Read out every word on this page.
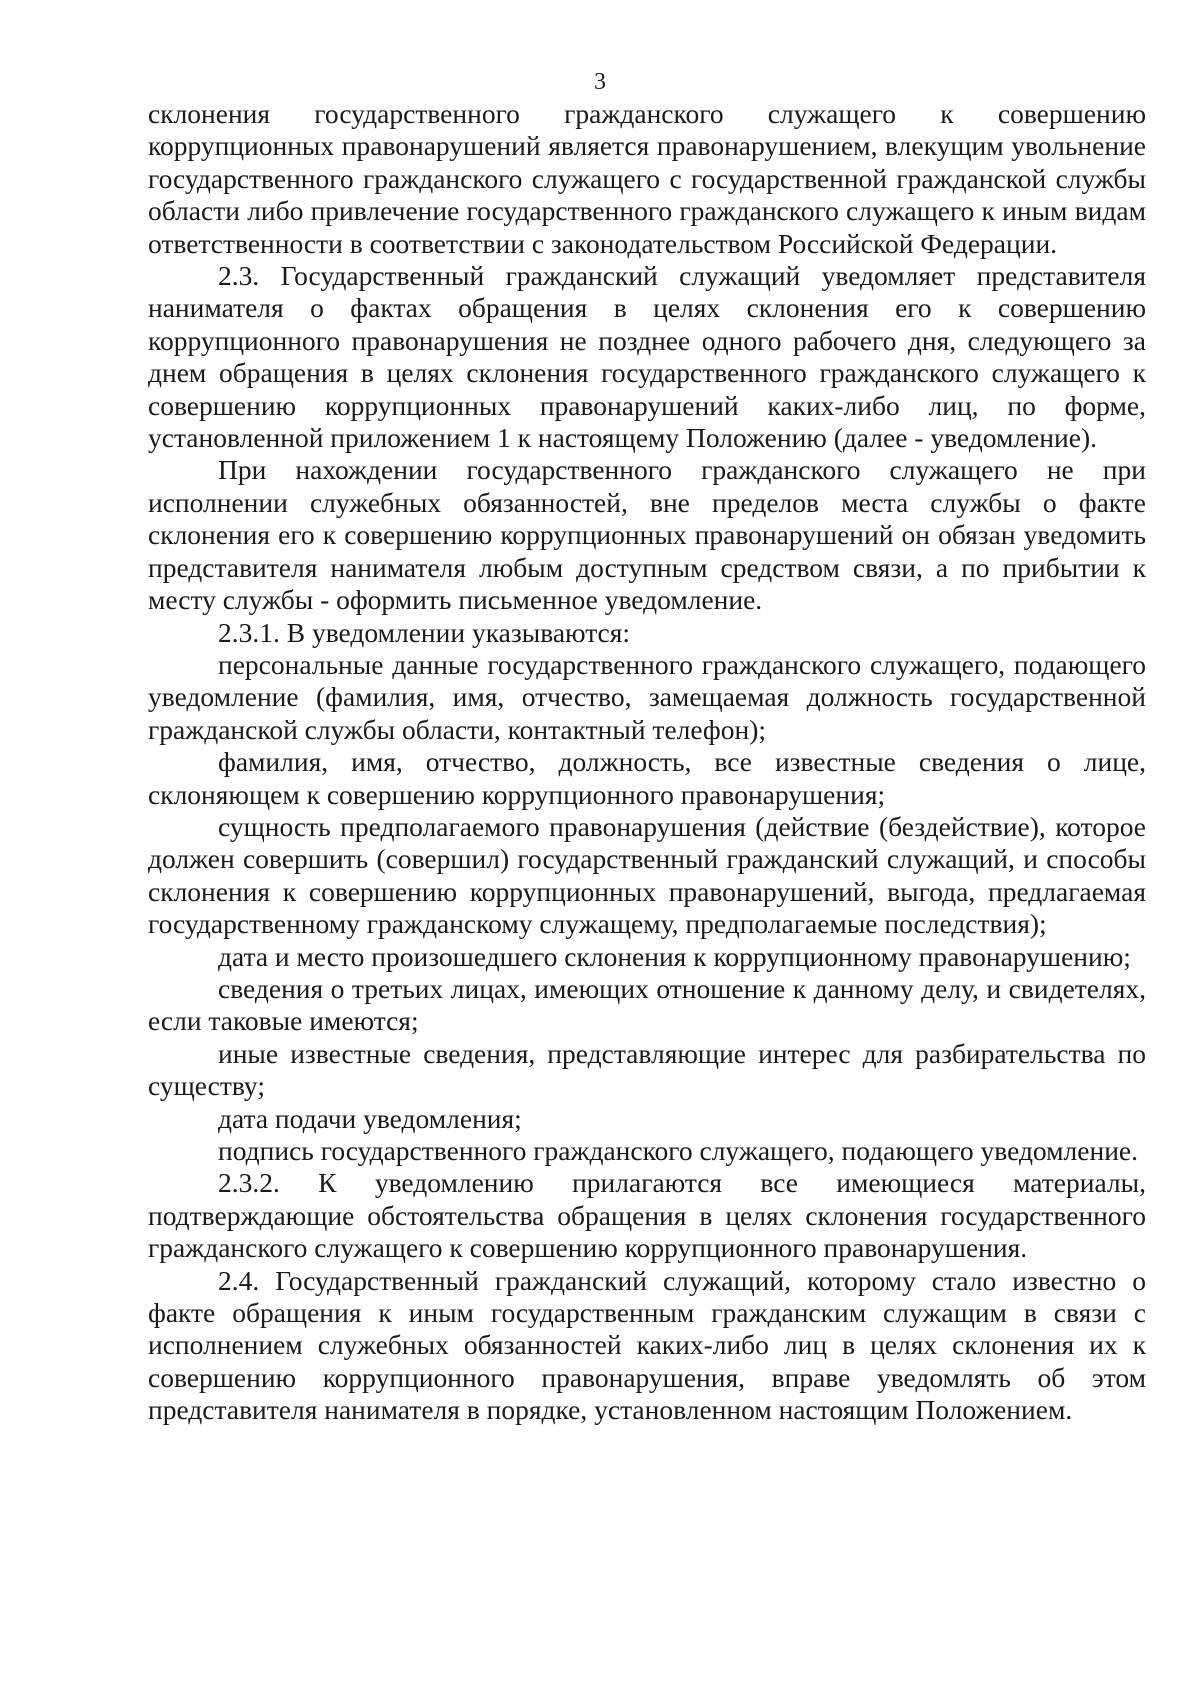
3

склонения государственного гражданского служащего к совершению коррупционных правонарушений является правонарушением, влекущим увольнение государственного гражданского служащего с государственной гражданской службы области либо привлечение государственного гражданского служащего к иным видам ответственности в соответствии с законодательством Российской Федерации.

2.3. Государственный гражданский служащий уведомляет представителя нанимателя о фактах обращения в целях склонения его к совершению коррупционного правонарушения не позднее одного рабочего дня, следующего за днем обращения в целях склонения государственного гражданского служащего к совершению коррупционных правонарушений каких-либо лиц, по форме, установленной приложением 1 к настоящему Положению (далее - уведомление).

При нахождении государственного гражданского служащего не при исполнении служебных обязанностей, вне пределов места службы о факте склонения его к совершению коррупционных правонарушений он обязан уведомить представителя нанимателя любым доступным средством связи, а по прибытии к месту службы - оформить письменное уведомление.

2.3.1. В уведомлении указываются:

персональные данные государственного гражданского служащего, подающего уведомление (фамилия, имя, отчество, замещаемая должность государственной гражданской службы области, контактный телефон);

фамилия, имя, отчество, должность, все известные сведения о лице, склоняющем к совершению коррупционного правонарушения;

сущность предполагаемого правонарушения (действие (бездействие), которое должен совершить (совершил) государственный гражданский служащий, и способы склонения к совершению коррупционных правонарушений, выгода, предлагаемая государственному гражданскому служащему, предполагаемые последствия);

дата и место произошедшего склонения к коррупционному правонарушению;

сведения о третьих лицах, имеющих отношение к данному делу, и свидетелях, если таковые имеются;

иные известные сведения, представляющие интерес для разбирательства по существу;

дата подачи уведомления;

подпись государственного гражданского служащего, подающего уведомление.

2.3.2. К уведомлению прилагаются все имеющиеся материалы, подтверждающие обстоятельства обращения в целях склонения государственного гражданского служащего к совершению коррупционного правонарушения.

2.4. Государственный гражданский служащий, которому стало известно о факте обращения к иным государственным гражданским служащим в связи с исполнением служебных обязанностей каких-либо лиц в целях склонения их к совершению коррупционного правонарушения, вправе уведомлять об этом представителя нанимателя в порядке, установленном настоящим Положением.
